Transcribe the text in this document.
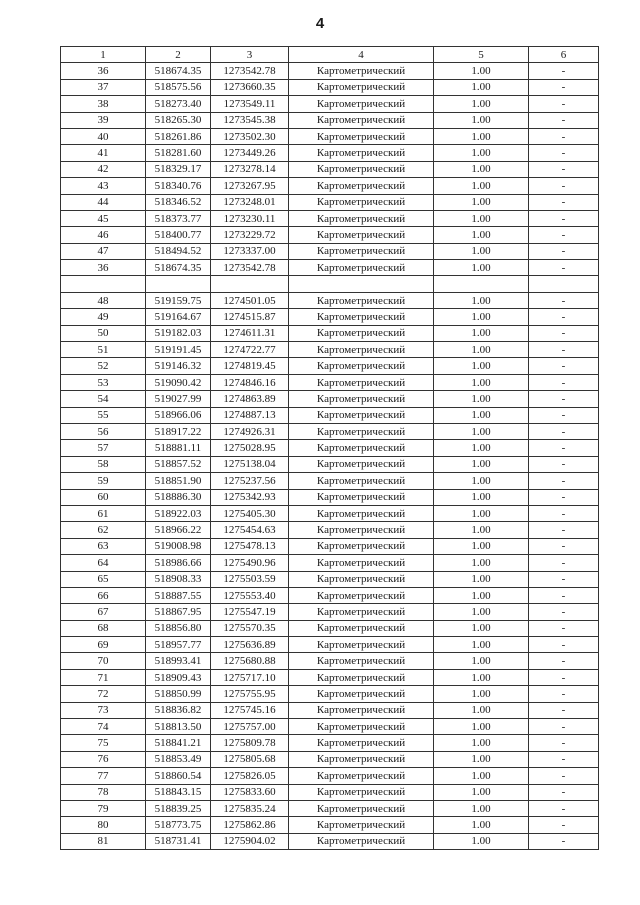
4
1	2	3	4	5	6
36	518674.35	1273542.78	Картометрический	1.00	-
37	518575.56	1273660.35	Картометрический	1.00	-
38	518273.40	1273549.11	Картометрический	1.00	-
39	518265.30	1273545.38	Картометрический	1.00	-
40	518261.86	1273502.30	Картометрический	1.00	-
41	518281.60	1273449.26	Картометрический	1.00	-
42	518329.17	1273278.14	Картометрический	1.00	-
43	518340.76	1273267.95	Картометрический	1.00	-
44	518346.52	1273248.01	Картометрический	1.00	-
45	518373.77	1273230.11	Картометрический	1.00	-
46	518400.77	1273229.72	Картометрический	1.00	-
47	518494.52	1273337.00	Картометрический	1.00	-
36	518674.35	1273542.78	Картометрический	1.00	-

48	519159.75	1274501.05	Картометрический	1.00	-
49	519164.67	1274515.87	Картометрический	1.00	-
50	519182.03	1274611.31	Картометрический	1.00	-
51	519191.45	1274722.77	Картометрический	1.00	-
52	519146.32	1274819.45	Картометрический	1.00	-
53	519090.42	1274846.16	Картометрический	1.00	-
54	519027.99	1274863.89	Картометрический	1.00	-
55	518966.06	1274887.13	Картометрический	1.00	-
56	518917.22	1274926.31	Картометрический	1.00	-
57	518881.11	1275028.95	Картометрический	1.00	-
58	518857.52	1275138.04	Картометрический	1.00	-
59	518851.90	1275237.56	Картометрический	1.00	-
60	518886.30	1275342.93	Картометрический	1.00	-
61	518922.03	1275405.30	Картометрический	1.00	-
62	518966.22	1275454.63	Картометрический	1.00	-
63	519008.98	1275478.13	Картометрический	1.00	-
64	518986.66	1275490.96	Картометрический	1.00	-
65	518908.33	1275503.59	Картометрический	1.00	-
66	518887.55	1275553.40	Картометрический	1.00	-
67	518867.95	1275547.19	Картометрический	1.00	-
68	518856.80	1275570.35	Картометрический	1.00	-
69	518957.77	1275636.89	Картометрический	1.00	-
70	518993.41	1275680.88	Картометрический	1.00	-
71	518909.43	1275717.10	Картометрический	1.00	-
72	518850.99	1275755.95	Картометрический	1.00	-
73	518836.82	1275745.16	Картометрический	1.00	-
74	518813.50	1275757.00	Картометрический	1.00	-
75	518841.21	1275809.78	Картометрический	1.00	-
76	518853.49	1275805.68	Картометрический	1.00	-
77	518860.54	1275826.05	Картометрический	1.00	-
78	518843.15	1275833.60	Картометрический	1.00	-
79	518839.25	1275835.24	Картометрический	1.00	-
80	518773.75	1275862.86	Картометрический	1.00	-
81	518731.41	1275904.02	Картометрический	1.00	-
